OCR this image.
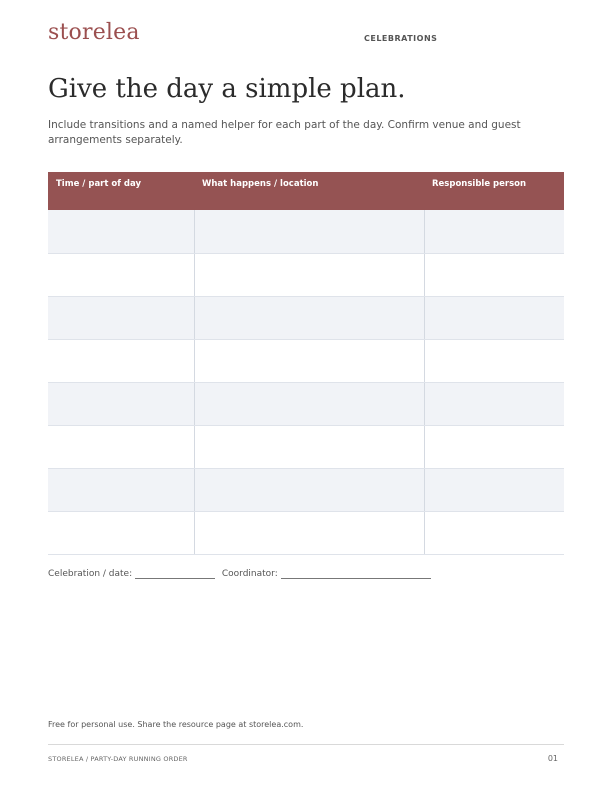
storelea	CELEBRATIONS
Give the day a simple plan.

Include transitions and a named helper for each part of the day. Confirm venue and guest arrangements separately.

Time / part of day	What happens / location	Responsible person

Celebration / date:	Coordinator:

Free for personal use. Share the resource page at storelea.com.

STORELEA / PARTY-DAY RUNNING ORDER	01
